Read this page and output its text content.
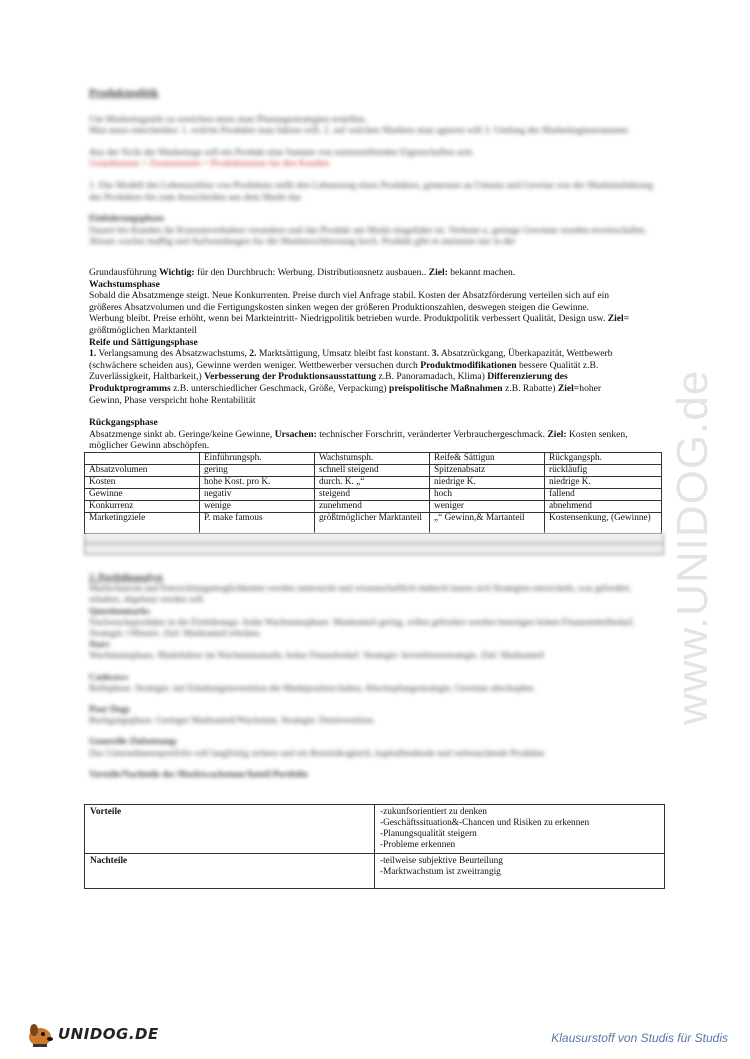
www.UNIDOG.de
Produktpolitik
Um Marketingziele zu erreichen muss man Planungsstrategien erstellen.
Man muss entscheiden: 1. welche Produkte man fuhren will. 2. auf welchen Markten man agieren will 3. Umfang der Marketinginstrumente.
Aus der Sicht der Marketings soll ein Produkt eine Summe von nutzenstiftenden Eigenschaften sein
Grundnutzen + Zusatznutzen = Produktnutzen fur den Kunden
1. Das Modell des Lebenszyklus von Produkten stellt den Lebensweg eines Produktes, gemessen an Umsatz und Gewinn von der Markteinfuhrung des Produktes bis zum Ausscheiden aus dem Markt dar.
Einfuhrungsphase
Dauert bis Kunden ihr Konsumverhalten verandern und das Produkt am Markt eingefuhrt ist. Verluste u. geringe Gewinne wurden erwirtschaftet, Absatz wachst maBig und Aufwendungen fur die Markterschliessung hoch. Produkt gibt es meistens nur in der

Grundausführung Wichtig: für den Durchbruch: Werbung. Distributionsnetz ausbauen.. Ziel: bekannt machen.

Wachstumsphase

Sobald die Absatzmenge steigt. Neue Konkurrenten. Preise durch viel Anfrage stabil. Kosten der Absatzförderung verteilen sich auf ein

größeres Absatzvolumen und die Fertigungskosten sinken wegen der größeren Produktionszahlen, deswegen steigen die Gewinne.

Werbung bleibt. Preise erhöht, wenn bei Markteintritt- Niedrigpolitik betrieben wurde. Produktpolitik verbessert Qualität, Design usw. Ziel=

größtmöglichen Marktanteil

Reife und Sättigungsphase

1. Verlangsamung des Absatzwachstums, 2. Marktsättigung, Umsatz bleibt fast konstant. 3. Absatzrückgang, Überkapazität, Wettbewerb

(schwächere scheiden aus), Gewinne werden weniger. Wettbewerber versuchen durch Produktmodifikationen bessere Qualität z.B.

Zuverlässigkeit, Haltbarkeit,) Verbesserung der Produktionsausstattung z.B. Panoramadach, Klima) Differenzierung des

Produktprogramms z.B. unterschiedlicher Geschmack, Größe, Verpackung) preispolitische Maßnahmen z.B. Rabatte) Ziel=hoher

Gewinn, Phase verspricht hohe Rentabilität

Rückgangsphase

Absatzmenge sinkt ab. Geringe/keine Gewinne, Ursachen: technischer Forschritt, veränderter Verbrauchergeschmack. Ziel: Kosten senken,

möglicher Gewinn abschöpfen.

	Einführungsph.	Wachstumsph.	Reife& Sättigun	Rückgangsph.
Absatzvolumen	gering	schnell steigend	Spitzenabsatz	rückläufig
Kosten	hohe Kost. pro K.	durch. K. „“	niedrige K.	niedrige K.
Gewinne	negativ	steigend	hoch	fallend
Konkurrenz	wenige	zunehmend	weniger	abnehmend
Marketingziele	P. make famous	größtmöglicher Marktanteil	„“ Gewinn,& Martanteil	Kostensenkung, (Gewinne)
2. Portfolioanalyse
Marktchancen und Entwicklungsmoglichkeiten werden untersucht und wissenschaftlich dadurch lassen sich Strategien entwickeln, was gefordert, erhalten, abgebaut werden soll.
Questionmarks
Nachwuchsprodukte in der Einfuhrungs- fruhe Wachstumsphase. Marktanteil gering, sollen gefordert werden benotigen hohen Finanzmittelbedarf. Strategie: Offensiv. Ziel: Marktanteil erhohen.
Stars
Wachstumsphase, Marktfuhrer im Wachstumsmarkt, hoher Finanzbedarf. Strategie: Investitionsstrategie. Ziel: Marktanteil
Cashcows
Reifephase. Strategie: mit Erhaltungsinvestition die Marktposition halten, Abschopfungsstrategie, Gewinne abschopfen.
Poor Dogs
Ruckgangsphase. Geringer Marktanteil/Wachstum, Strategie: Desinvestition.
Generelle Zielsetzung:
Das Unternehmensportfolio soll langfristig sichern und ein Restrisikogleich, kapitalbindende und verbrauchende Produkte.
Vorteile/Nachteile des Marktwachstum/Anteil Portfolio
Vorteile	-zukunfsorientiert zu denken
-Geschäftssituation&-Chancen und Risiken zu erkennen
-Planungsqualität steigern
-Probleme erkennen

Nachteile	-teilweise subjektive Beurteilung
-Marktwachstum ist zweitrangig
UNIDOG.DE	Klausurstoff von Studis für Studis
